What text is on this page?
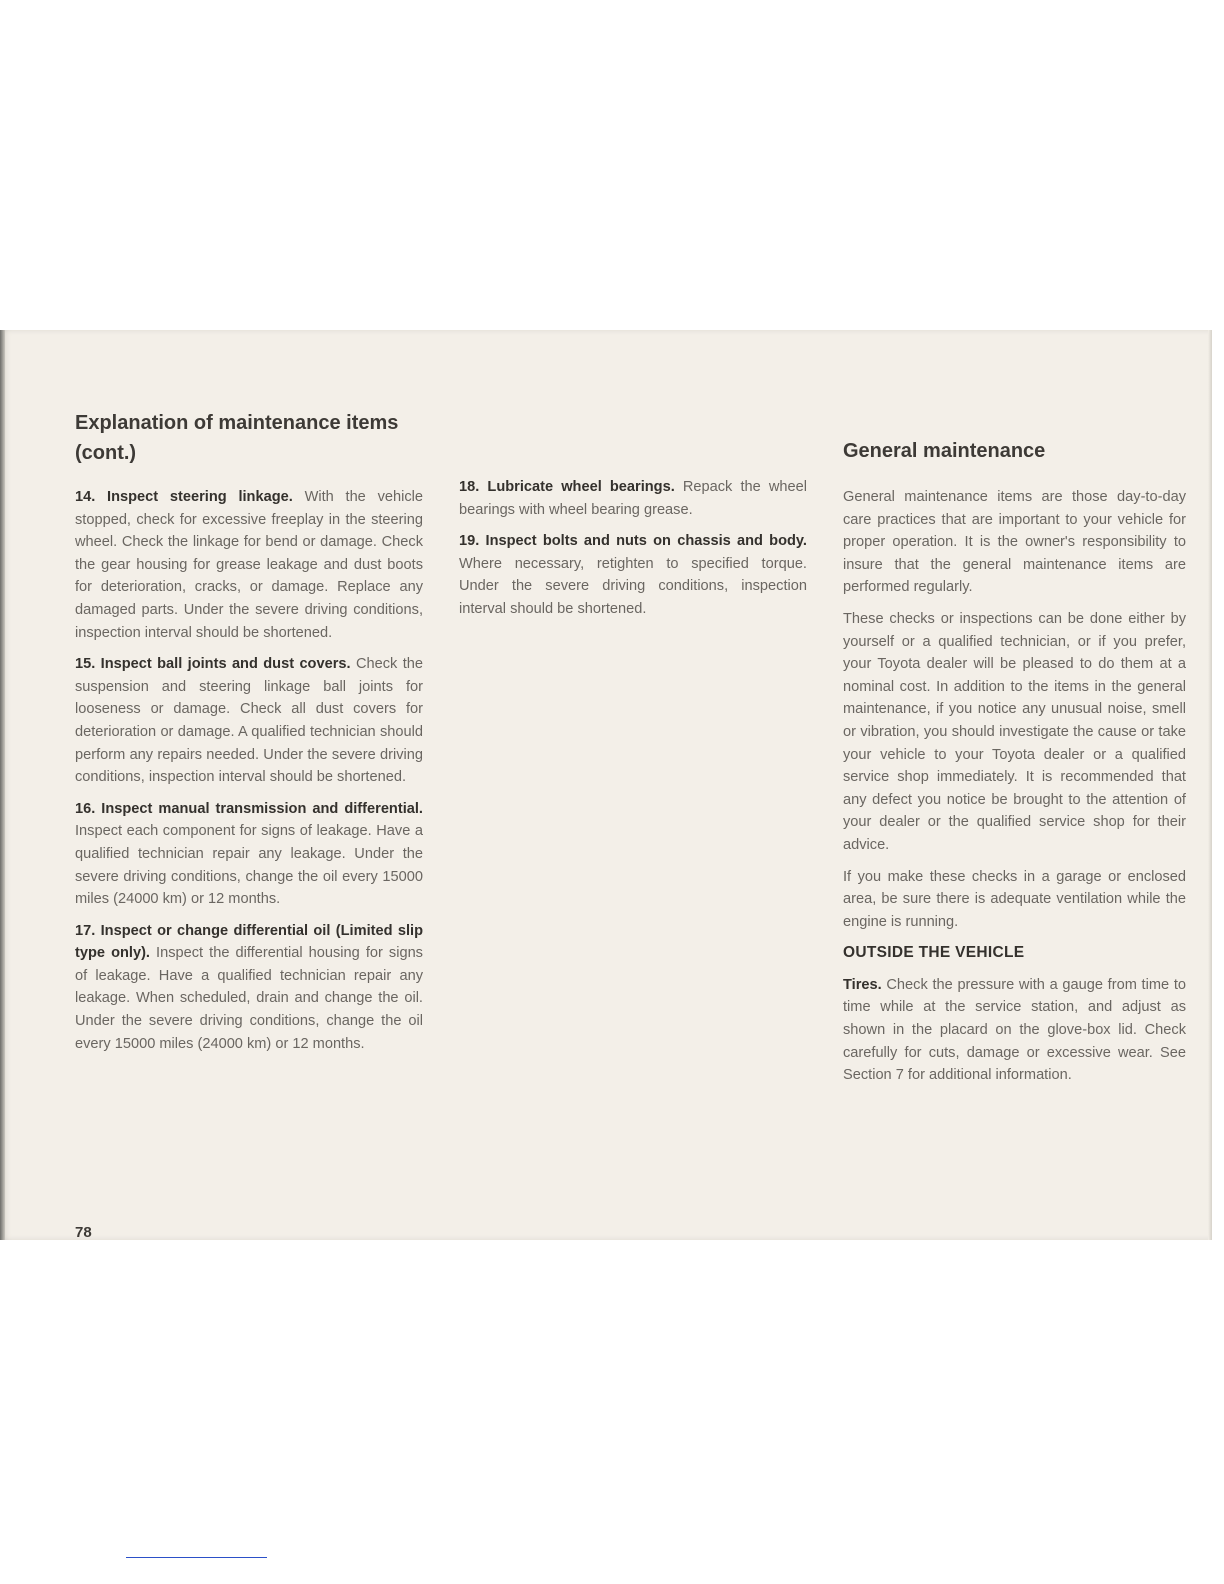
Explanation of maintenance items (cont.)

14. Inspect steering linkage. With the vehicle stopped, check for excessive freeplay in the steering wheel. Check the linkage for bend or damage. Check the gear housing for grease leakage and dust boots for deterioration, cracks, or damage. Replace any damaged parts. Under the severe driving conditions, inspection interval should be shortened.

15. Inspect ball joints and dust covers. Check the suspension and steering linkage ball joints for looseness or damage. Check all dust covers for deterioration or damage. A qualified technician should perform any repairs needed. Under the severe driving conditions, inspection interval should be shortened.

16. Inspect manual transmission and differential. Inspect each component for signs of leakage. Have a qualified technician repair any leakage. Under the severe driving conditions, change the oil every 15000 miles (24000 km) or 12 months.

17. Inspect or change differential oil (Limited slip type only). Inspect the differential housing for signs of leakage. Have a qualified technician repair any leakage. When scheduled, drain and change the oil. Under the severe driving conditions, change the oil every 15000 miles (24000 km) or 12 months.

18. Lubricate wheel bearings. Repack the wheel bearings with wheel bearing grease.

19. Inspect bolts and nuts on chassis and body. Where necessary, retighten to specified torque. Under the severe driving conditions, inspection interval should be shortened.

General maintenance

General maintenance items are those day-to-day care practices that are important to your vehicle for proper operation. It is the owner's responsibility to insure that the general maintenance items are performed regularly.

These checks or inspections can be done either by yourself or a qualified technician, or if you prefer, your Toyota dealer will be pleased to do them at a nominal cost. In addition to the items in the general maintenance, if you notice any unusual noise, smell or vibration, you should investigate the cause or take your vehicle to your Toyota dealer or a qualified service shop immediately. It is recommended that any defect you notice be brought to the attention of your dealer or the qualified service shop for their advice.

If you make these checks in a garage or enclosed area, be sure there is adequate ventilation while the engine is running.

OUTSIDE THE VEHICLE

Tires. Check the pressure with a gauge from time to time while at the service station, and adjust as shown in the placard on the glove-box lid. Check carefully for cuts, damage or excessive wear. See Section 7 for additional information.

78
